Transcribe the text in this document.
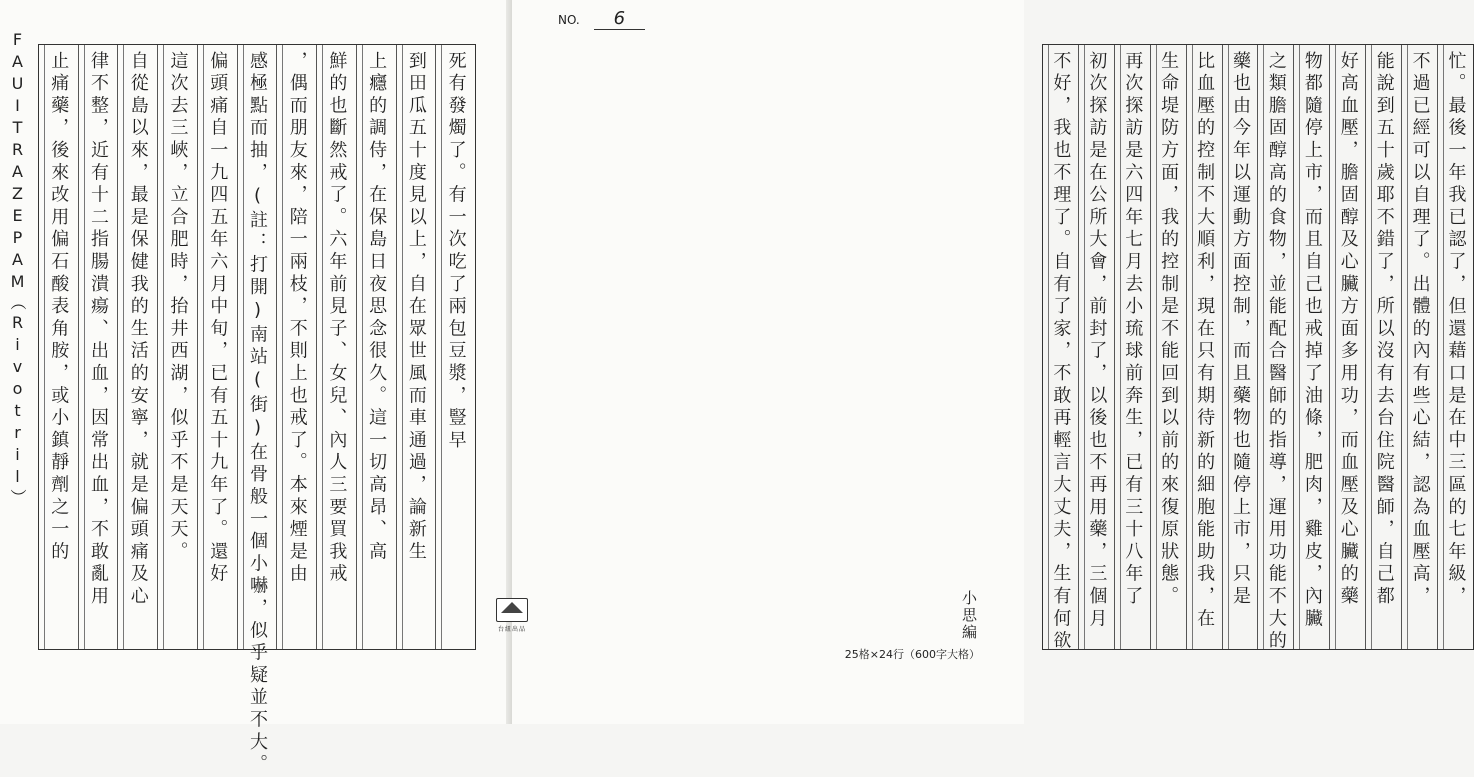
FAUITRAZEPAM（Rivotril）	死有發燭了。有一次吃了兩包豆漿，豎早
到田瓜五十度見以上，自在眾世風而車通過，論新生
上癮的調侍，在保島日夜思念很久。這一切高昂、高
鮮的也斷然戒了。六年前見子、女兒、內人三要買我戒
，偶而朋友來，陪一兩枝，不則上也戒了。本來煙是由
感極點而抽，(註：打開)南站(街)在骨般一個小嚇，似乎疑並不大。
偏頭痛自一九四五年六月中旬，已有五十九年了。還好
這次去三峽，立合肥時，抬井西湖，似乎不是天天。
自從島以來，最是保健我的生活的安寧，就是偏頭痛及心
律不整，近有十二指腸潰瘍、出血，因常出血，不敢亂用
止痛藥，後來改用偏石酸表角胺，或小鎮靜劑之一的	忙。最後一年我已認了，但還藉口是在中三區的七年級，
不過已經可以自理了。出體的內有些心結，認為血壓高，
能說到五十歲耶不錯了，所以沒有去台住院醫師，自己都
好高血壓，膽固醇及心臟方面多用功，而血壓及心臟的藥
物都隨停上市，而且自己也戒掉了油條，肥肉，雞皮，內臟
之類膽固醇高的食物，並能配合醫師的指導，運用功能不大的
藥也由今年以運動方面控制，而且藥物也隨停上市，只是
比血壓的控制不大順利，現在只有期待新的細胞能助我，在
生命堤防方面，我的控制是不能回到以前的來復原狀態。
再次探訪是六四年七月去小琉球前奔生，已有三十八年了
初次探訪是在公所大會，前封了，以後也不再用藥，三個月
不好，我也不理了。自有了家，不敢再輕言大丈夫，生有何欲
NO. 6
台紐出品	小思編
25格×24行（600字大格）
